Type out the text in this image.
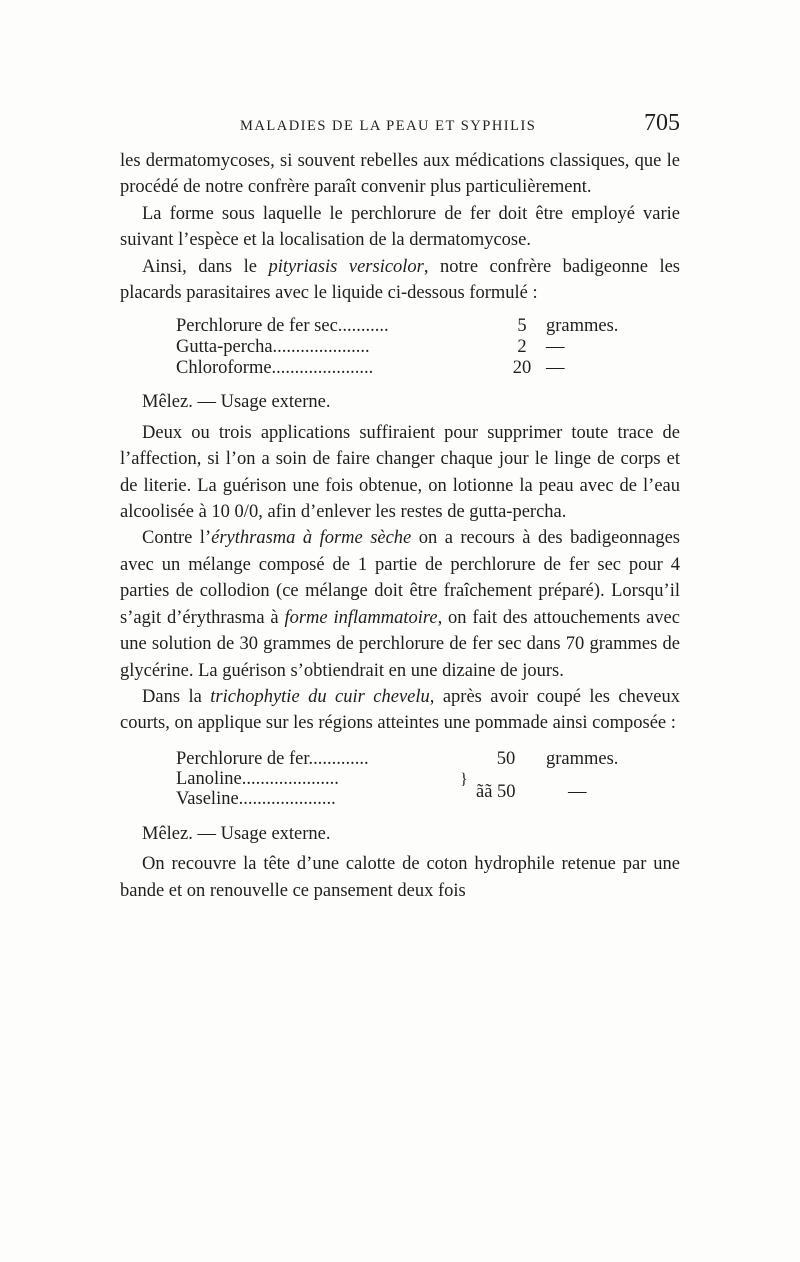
MALADIES DE LA PEAU ET SYPHILIS	705

les dermatomycoses, si souvent rebelles aux médications classiques, que le procédé de notre confrère paraît convenir plus particulièrement.

La forme sous laquelle le perchlorure de fer doit être employé varie suivant l’espèce et la localisation de la dermatomycose.

Ainsi, dans le pityriasis versicolor, notre confrère badigeonne les placards parasitaires avec le liquide ci-dessous formulé :

Perchlorure de fer sec...........	5	grammes.
Gutta-percha.....................	2	—
Chloroforme......................	20 —

Mêlez. — Usage externe.

Deux ou trois applications suffiraient pour supprimer toute trace de l’affection, si l’on a soin de faire changer chaque jour le linge de corps et de literie. La guérison une fois obtenue, on lotionne la peau avec de l’eau alcoolisée à 10 0/0, afin d’enlever les restes de gutta-percha.

Contre l’érythrasma à forme sèche on a recours à des badigeonnages avec un mélange composé de 1 partie de perchlorure de fer sec pour 4 parties de collodion (ce mélange doit être fraîchement préparé). Lorsqu’il s’agit d’érythrasma à forme inflammatoire, on fait des attouchements avec une solution de 30 grammes de perchlorure de fer sec dans 70 grammes de glycérine. La guérison s’obtiendrait en une dizaine de jours.

Dans la trichophytie du cuir chevelu, après avoir coupé les cheveux courts, on applique sur les régions atteintes une pommade ainsi composée :

Perchlorure de fer.............	50	grammes.
Lanoline.....................
Vaseline.....................
}
ãã 50	—

Mêlez. — Usage externe.

On recouvre la tête d’une calotte de coton hydrophile retenue par une bande et on renouvelle ce pansement deux fois
